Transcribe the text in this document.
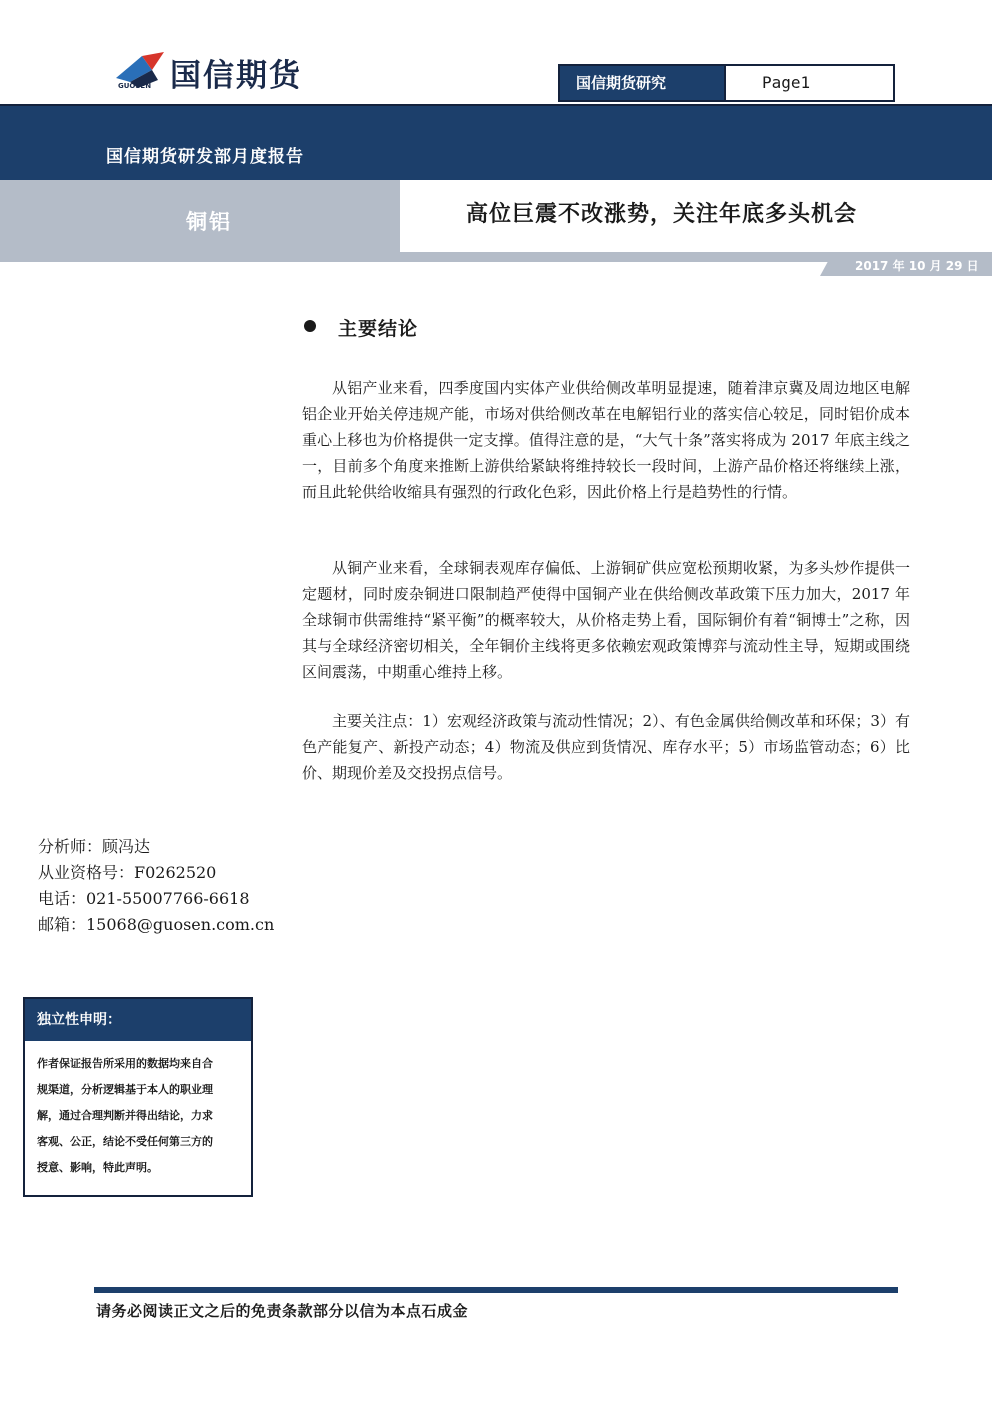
国信期货
GUOSEN	国信期货研究	Page1
国信期货研发部月度报告
铜铝	高位巨震不改涨势，关注年底多头机会
2017 年 10 月 29 日
主要结论

从铝产业来看，四季度国内实体产业供给侧改革明显提速，随着津京冀及周边地区电解铝企业开始关停违规产能，市场对供给侧改革在电解铝行业的落实信心较足，同时铝价成本重心上移也为价格提供一定支撑。值得注意的是，“大气十条”落实将成为 2017 年底主线之一，目前多个角度来推断上游供给紧缺将维持较长一段时间，上游产品价格还将继续上涨，而且此轮供给收缩具有强烈的行政化色彩，因此价格上行是趋势性的行情。

从铜产业来看，全球铜表观库存偏低、上游铜矿供应宽松预期收紧，为多头炒作提供一定题材，同时废杂铜进口限制趋严使得中国铜产业在供给侧改革政策下压力加大，2017 年全球铜市供需维持“紧平衡”的概率较大，从价格走势上看，国际铜价有着“铜博士”之称，因其与全球经济密切相关，全年铜价主线将更多依赖宏观政策博弈与流动性主导，短期或围绕区间震荡，中期重心维持上移。

主要关注点：1）宏观经济政策与流动性情况；2）、有色金属供给侧改革和环保；3）有色产能复产、新投产动态；4）物流及供应到货情况、库存水平；5）市场监管动态；6）比价、期现价差及交投拐点信号。

分析师：顾冯达
从业资格号：F0262520
电话：021-55007766-6618
邮箱：15068@guosen.com.cn
独立性申明：
作者保证报告所采用的数据均来自合
规渠道，分析逻辑基于本人的职业理
解，通过合理判断并得出结论，力求
客观、公正，结论不受任何第三方的
授意、影响，特此声明。
请务必阅读正文之后的免责条款部分以信为本点石成金
